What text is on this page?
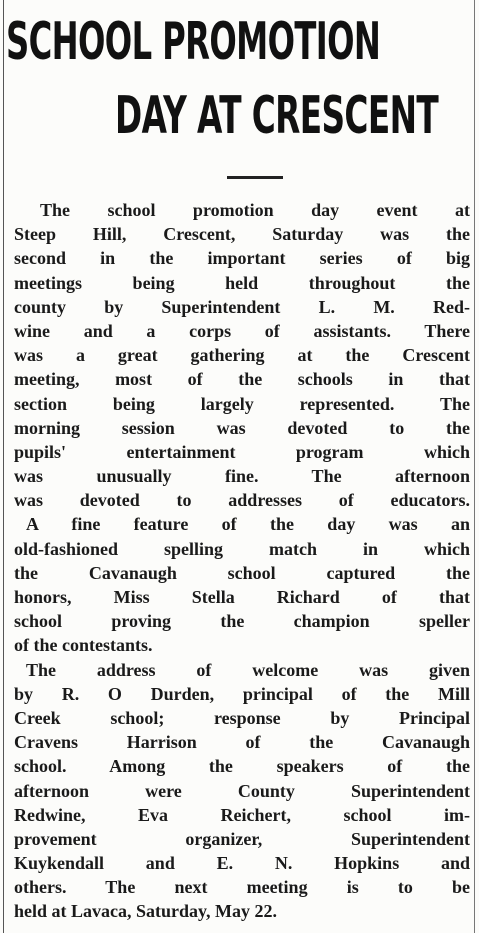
SCHOOL PROMOTION
DAY AT CRESCENT
The school promotion day event at
Steep Hill, Crescent, Saturday was the
second in the important series of big
meetings being held throughout the
county by Superintendent L. M. Red-
wine and a corps of assistants. There
was a great gathering at the Crescent
meeting, most of the schools in that
section being largely represented. The
morning session was devoted to the
pupils' entertainment program which
was unusually fine. The afternoon
was devoted to addresses of educators.
A fine feature of the day was an
old-fashioned spelling match in which
the Cavanaugh school captured the
honors, Miss Stella Richard of that
school proving the champion speller
of the contestants.
The address of welcome was given
by R. O Durden, principal of the Mill
Creek school; response by Principal
Cravens Harrison of the Cavanaugh
school. Among the speakers of the
afternoon were County Superintendent
Redwine, Eva Reichert, school im-
provement organizer, Superintendent
Kuykendall and E. N. Hopkins and
others. The next meeting is to be
held at Lavaca, Saturday, May 22.
